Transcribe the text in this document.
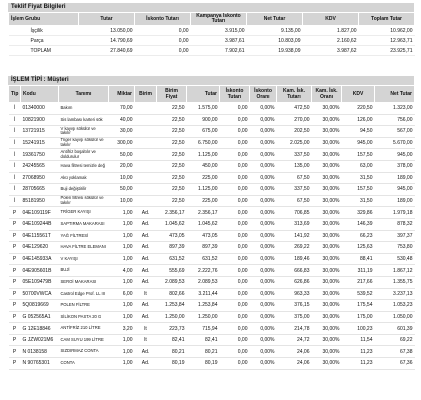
Teklif Fiyat Bilgileri
İşlem Grubu	Tutar	İskonto Tutarı	Kampanya İskonto Tutarı	Net Tutar	KDV	Toplam Tutar
İşçilik	13.050,00	0,00	3.915,00	9.135,00	1.827,00	10.962,00
Parça	14.790,69	0,00	3.987,61	10.803,09	2.160,62	12.963,71
TOPLAM	27.840,69	0,00	7.902,61	19.938,09	3.987,62	23.925,71
İŞLEM TİPİ : Müşteri
Tip	Kodu	Tanımı	Miktar	Birim	Birim Fiyat	Tutar	İskonto Tutarı	İskonto Oranı	Kam. İsk. Tutarı	Kam. İsk. Oranı	KDV	Net Tutar
İ	01340000	Bakım	70,00		22,50	1.575,00	0,00	0,00%	472,50	30,00%	220,50	1.323,00
İ	10821900	Sis lambası karteri sök	40,00		22,50	900,00	0,00	0,00%	270,00	30,00%	126,00	756,00
İ	13721915	V kayışı sökülür ve takılır	30,00		22,50	675,00	0,00	0,00%	202,50	30,00%	94,50	567,00
İ	15241915	Triger kayışı sökülür ve takılır	300,00		22,50	6.750,00	0,00	0,00%	2.025,00	30,00%	945,00	5.670,00
İ	19361750	Antifriz boşaltılır ve doldurulur	50,00		22,50	1.125,00	0,00	0,00%	337,50	30,00%	157,50	945,00
İ	24245565	Hava filtresi temizle değ	20,00		22,50	450,00	0,00	0,00%	135,00	30,00%	63,00	378,00
İ	27068950	Akü yoklamak	10,00		22,50	225,00	0,00	0,00%	67,50	30,00%	31,50	189,00
İ	28705665	Buji değiştirilir	50,00		22,50	1.125,00	0,00	0,00%	337,50	30,00%	157,50	945,00
İ	85181950	Polen filtresi sökülür ve takılır	10,00		22,50	225,00	0,00	0,00%	67,50	30,00%	31,50	189,00
P	04E109119F	TRİGER KAYIŞI	1,00	Ad.	2.356,17	2.356,17	0,00	0,00%	706,85	30,00%	329,86	1.979,18
P	04E109244B	SAPTIRMA MAKARASI	1,00	Ad.	1.045,62	1.045,62	0,00	0,00%	313,69	30,00%	146,39	878,32
P	04E115561T	YAĞ FİLTRESİ	1,00	Ad.	473,05	473,05	0,00	0,00%	141,92	30,00%	66,23	397,37
P	04E129620	HAVA FİLTRE ELEMANI	1,00	Ad.	897,39	897,39	0,00	0,00%	269,22	30,00%	125,63	753,80
P	04E145933A	V KAYIŞI	1,00	Ad.	631,52	631,52	0,00	0,00%	189,46	30,00%	88,41	530,48
P	04E905601B	BUJİ	4,00	Ad.	555,69	2.222,76	0,00	0,00%	666,83	30,00%	311,19	1.867,12
P	05E109479B	SEROİ MAKARASI	1,00	Ad.	2.089,53	2.089,53	0,00	0,00%	626,86	30,00%	217,66	1.355,75
P	50700VWCA	Castrol Edge Prof. LL III	6,00	lt	802,66	3.211,44	0,00	0,00%	963,33	30,00%	539,52	3.237,13
P	5Q0819669	POLEN FİLTRE	1,00	Ad.	1.253,84	1.253,84	0,00	0,00%	376,15	30,00%	175,54	1.053,23
P	G 052565A1	SİLİKON PASTA 20 G	1,00	Ad.	1.250,00	1.250,00	0,00	0,00%	375,00	30,00%	175,00	1.050,00
P	G 12E18846	ANTİFRİZ 210 LİTRE	3,20	lt	223,73	715,94	0,00	0,00%	214,78	30,00%	100,23	601,39
P	G JZW021M6	CAM SUYU 199 LİTRE	1,00	lt	82,41	82,41	0,00	0,00%	24,72	30,00%	11,54	69,22
P	N 0138158	SIZDIRMAZ CONTA	1,00	Ad.	80,21	80,21	0,00	0,00%	24,06	30,00%	11,23	67,38
P	N 90765301	CONTA	1,00	Ad.	80,19	80,19	0,00	0,00%	24,06	30,00%	11,23	67,36
